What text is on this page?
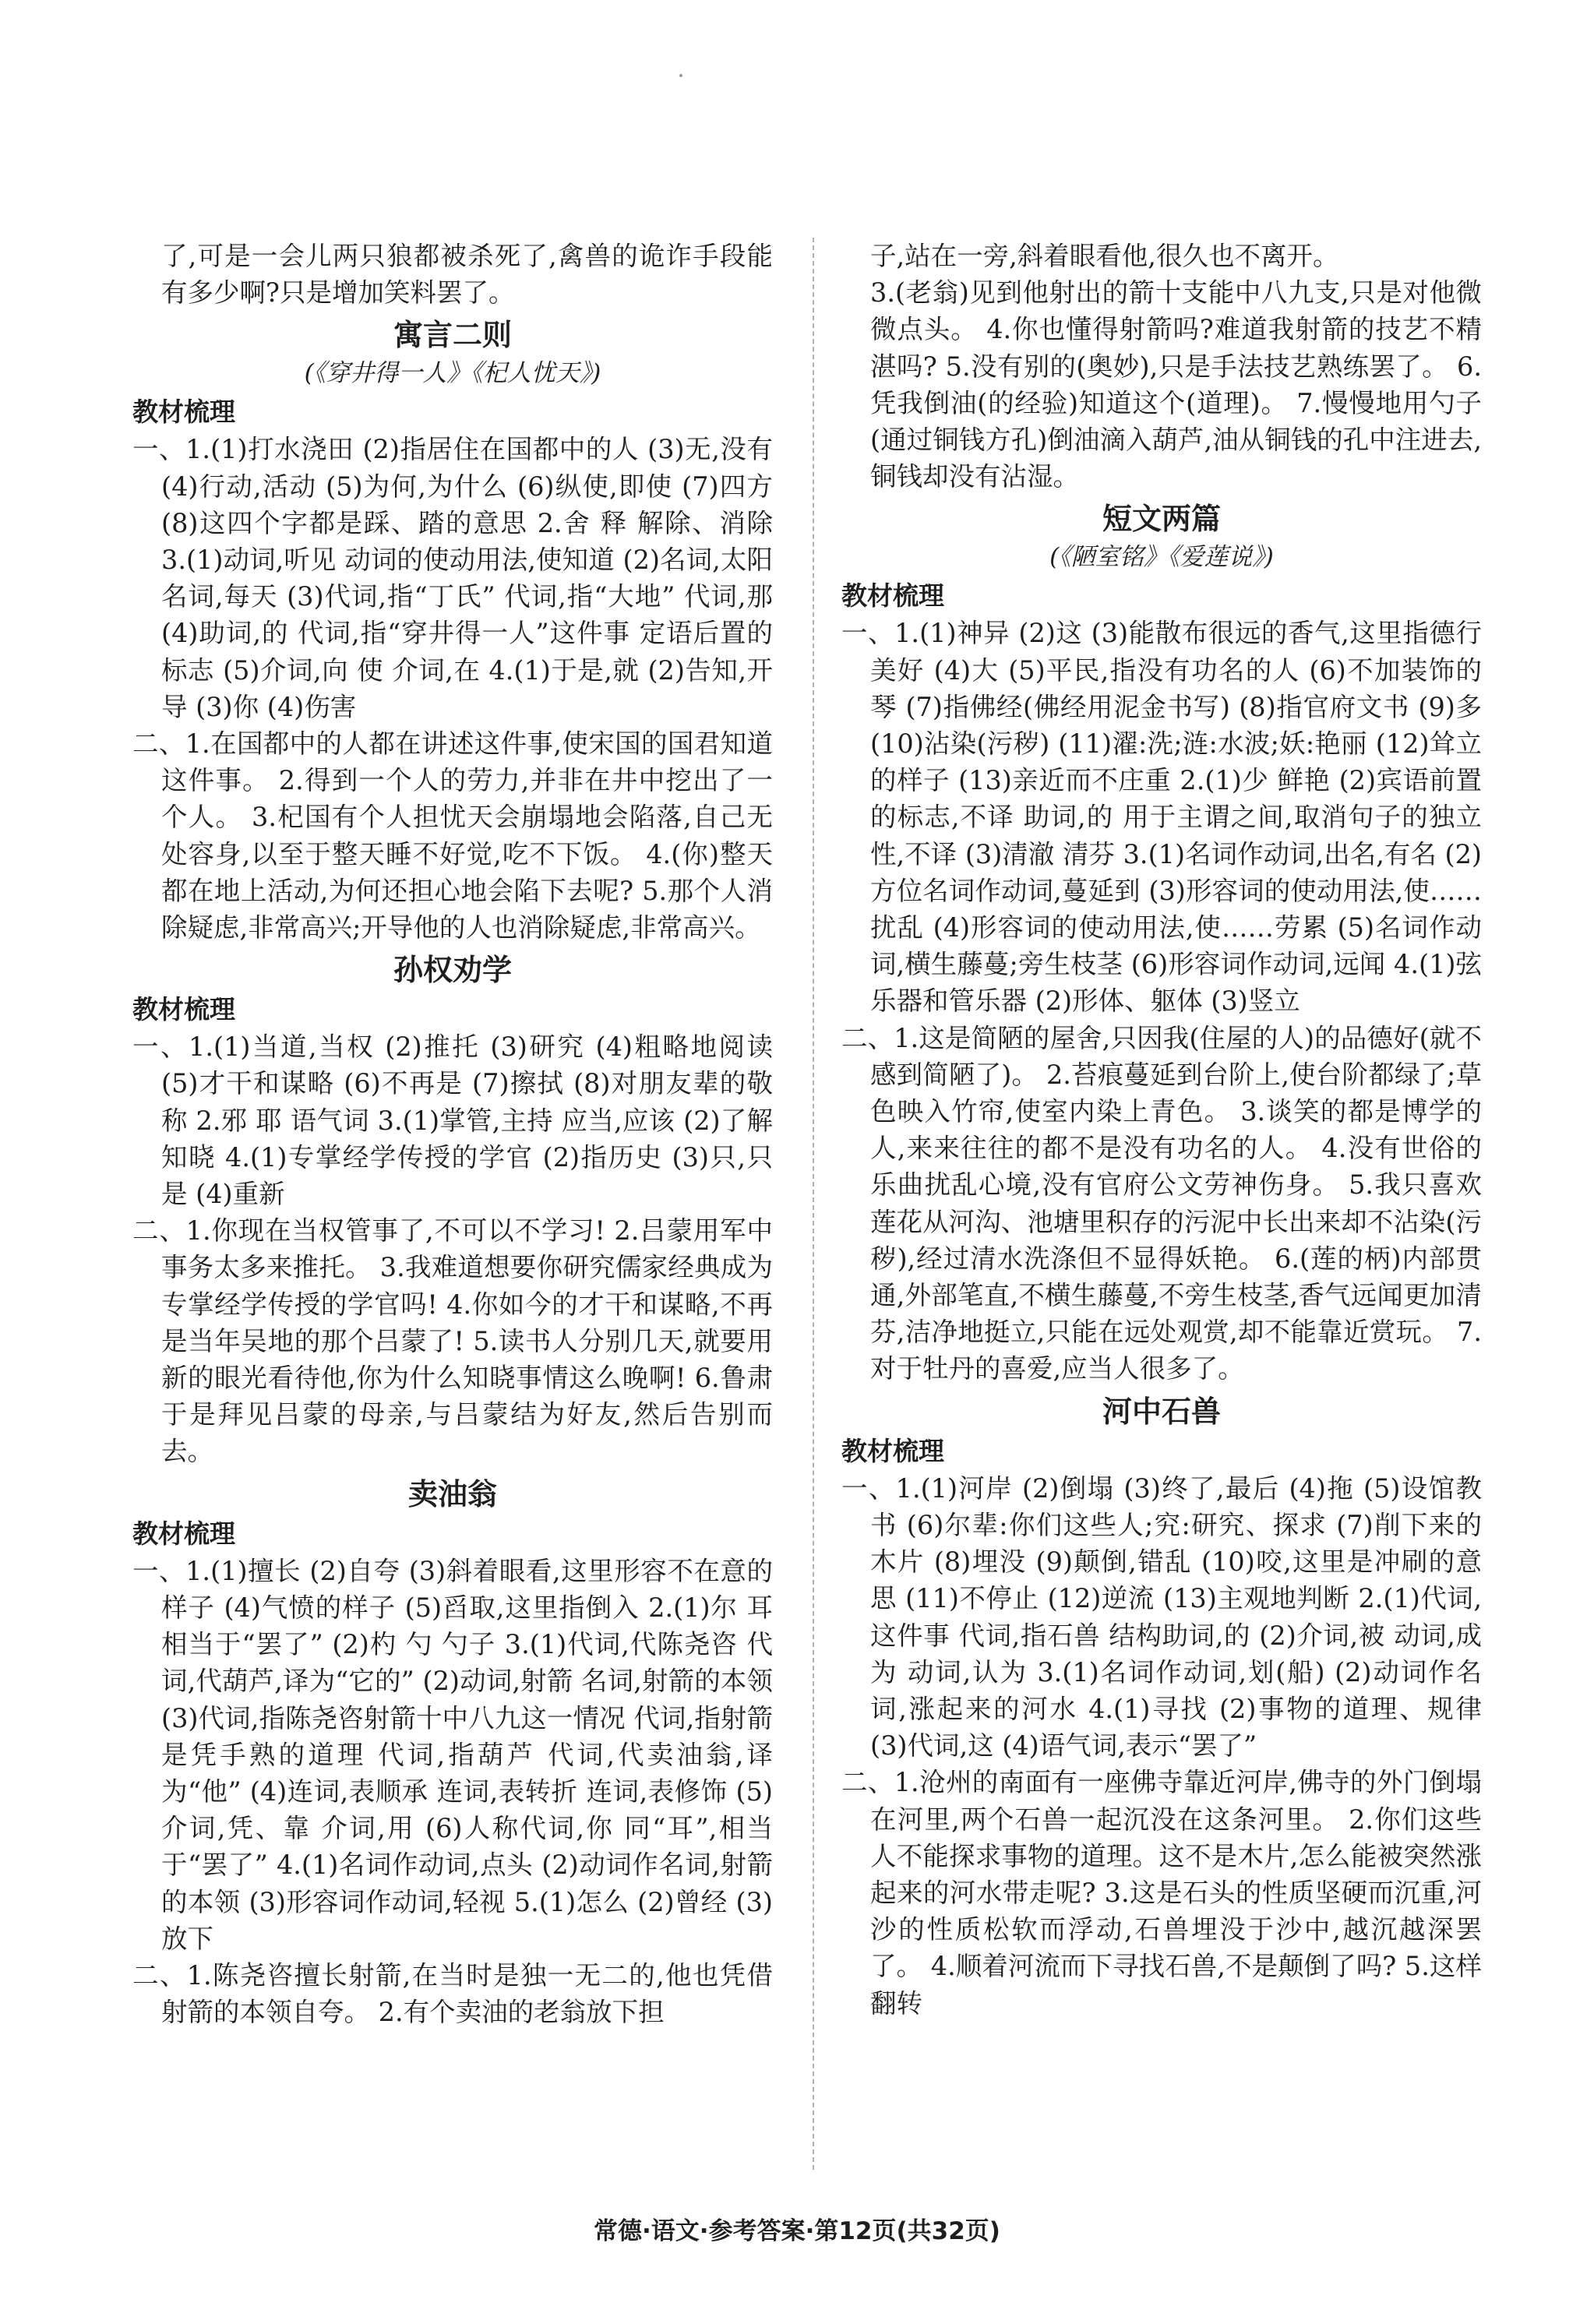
了,可是一会儿两只狼都被杀死了,禽兽的诡诈手段能有多少啊?只是增加笑料罢了。
寓言二则
(《穿井得一人》《杞人忧天》)
教材梳理
一、1.(1)打水浇田 (2)指居住在国都中的人 (3)无,没有 (4)行动,活动 (5)为何,为什么 (6)纵使,即使 (7)四方 (8)这四个字都是踩、踏的意思 2.舍 释 解除、消除 3.(1)动词,听见 动词的使动用法,使知道 (2)名词,太阳 名词,每天 (3)代词,指“丁氏” 代词,指“大地” 代词,那 (4)助词,的 代词,指“穿井得一人”这件事 定语后置的标志 (5)介词,向 使 介词,在 4.(1)于是,就 (2)告知,开导 (3)你 (4)伤害
二、1.在国都中的人都在讲述这件事,使宋国的国君知道这件事。 2.得到一个人的劳力,并非在井中挖出了一个人。 3.杞国有个人担忧天会崩塌地会陷落,自己无处容身,以至于整天睡不好觉,吃不下饭。 4.(你)整天都在地上活动,为何还担心地会陷下去呢? 5.那个人消除疑虑,非常高兴;开导他的人也消除疑虑,非常高兴。
孙权劝学
教材梳理
一、1.(1)当道,当权 (2)推托 (3)研究 (4)粗略地阅读 (5)才干和谋略 (6)不再是 (7)擦拭 (8)对朋友辈的敬称 2.邪 耶 语气词 3.(1)掌管,主持 应当,应该 (2)了解 知晓 4.(1)专掌经学传授的学官 (2)指历史 (3)只,只是 (4)重新
二、1.你现在当权管事了,不可以不学习! 2.吕蒙用军中事务太多来推托。 3.我难道想要你研究儒家经典成为专掌经学传授的学官吗! 4.你如今的才干和谋略,不再是当年吴地的那个吕蒙了! 5.读书人分别几天,就要用新的眼光看待他,你为什么知晓事情这么晚啊! 6.鲁肃于是拜见吕蒙的母亲,与吕蒙结为好友,然后告别而去。
卖油翁
教材梳理
一、1.(1)擅长 (2)自夸 (3)斜着眼看,这里形容不在意的样子 (4)气愤的样子 (5)舀取,这里指倒入 2.(1)尔 耳 相当于“罢了” (2)杓 勺 勺子 3.(1)代词,代陈尧咨 代词,代葫芦,译为“它的” (2)动词,射箭 名词,射箭的本领 (3)代词,指陈尧咨射箭十中八九这一情况 代词,指射箭是凭手熟的道理 代词,指葫芦 代词,代卖油翁,译为“他” (4)连词,表顺承 连词,表转折 连词,表修饰 (5)介词,凭、靠 介词,用 (6)人称代词,你 同“耳”,相当于“罢了” 4.(1)名词作动词,点头 (2)动词作名词,射箭的本领 (3)形容词作动词,轻视 5.(1)怎么 (2)曾经 (3)放下
二、1.陈尧咨擅长射箭,在当时是独一无二的,他也凭借射箭的本领自夸。 2.有个卖油的老翁放下担
子,站在一旁,斜着眼看他,很久也不离开。
3.(老翁)见到他射出的箭十支能中八九支,只是对他微微点头。 4.你也懂得射箭吗?难道我射箭的技艺不精湛吗? 5.没有别的(奥妙),只是手法技艺熟练罢了。 6.凭我倒油(的经验)知道这个(道理)。 7.慢慢地用勺子(通过铜钱方孔)倒油滴入葫芦,油从铜钱的孔中注进去,铜钱却没有沾湿。
短文两篇
(《陋室铭》《爱莲说》)
教材梳理
一、1.(1)神异 (2)这 (3)能散布很远的香气,这里指德行美好 (4)大 (5)平民,指没有功名的人 (6)不加装饰的琴 (7)指佛经(佛经用泥金书写) (8)指官府文书 (9)多 (10)沾染(污秽) (11)濯:洗;涟:水波;妖:艳丽 (12)耸立的样子 (13)亲近而不庄重 2.(1)少 鲜艳 (2)宾语前置的标志,不译 助词,的 用于主谓之间,取消句子的独立性,不译 (3)清澈 清芬 3.(1)名词作动词,出名,有名 (2)方位名词作动词,蔓延到 (3)形容词的使动用法,使……扰乱 (4)形容词的使动用法,使……劳累 (5)名词作动词,横生藤蔓;旁生枝茎 (6)形容词作动词,远闻 4.(1)弦乐器和管乐器 (2)形体、躯体 (3)竖立
二、1.这是简陋的屋舍,只因我(住屋的人)的品德好(就不感到简陋了)。 2.苔痕蔓延到台阶上,使台阶都绿了;草色映入竹帘,使室内染上青色。 3.谈笑的都是博学的人,来来往往的都不是没有功名的人。 4.没有世俗的乐曲扰乱心境,没有官府公文劳神伤身。 5.我只喜欢莲花从河沟、池塘里积存的污泥中长出来却不沾染(污秽),经过清水洗涤但不显得妖艳。 6.(莲的柄)内部贯通,外部笔直,不横生藤蔓,不旁生枝茎,香气远闻更加清芬,洁净地挺立,只能在远处观赏,却不能靠近赏玩。 7.对于牡丹的喜爱,应当人很多了。
河中石兽
教材梳理
一、1.(1)河岸 (2)倒塌 (3)终了,最后 (4)拖 (5)设馆教书 (6)尔辈:你们这些人;究:研究、探求 (7)削下来的木片 (8)埋没 (9)颠倒,错乱 (10)咬,这里是冲刷的意思 (11)不停止 (12)逆流 (13)主观地判断 2.(1)代词,这件事 代词,指石兽 结构助词,的 (2)介词,被 动词,成为 动词,认为 3.(1)名词作动词,划(船) (2)动词作名词,涨起来的河水 4.(1)寻找 (2)事物的道理、规律 (3)代词,这 (4)语气词,表示“罢了”
二、1.沧州的南面有一座佛寺靠近河岸,佛寺的外门倒塌在河里,两个石兽一起沉没在这条河里。 2.你们这些人不能探求事物的道理。这不是木片,怎么能被突然涨起来的河水带走呢? 3.这是石头的性质坚硬而沉重,河沙的性质松软而浮动,石兽埋没于沙中,越沉越深罢了。 4.顺着河流而下寻找石兽,不是颠倒了吗? 5.这样翻转
常德·语文·参考答案·第12页(共32页)
